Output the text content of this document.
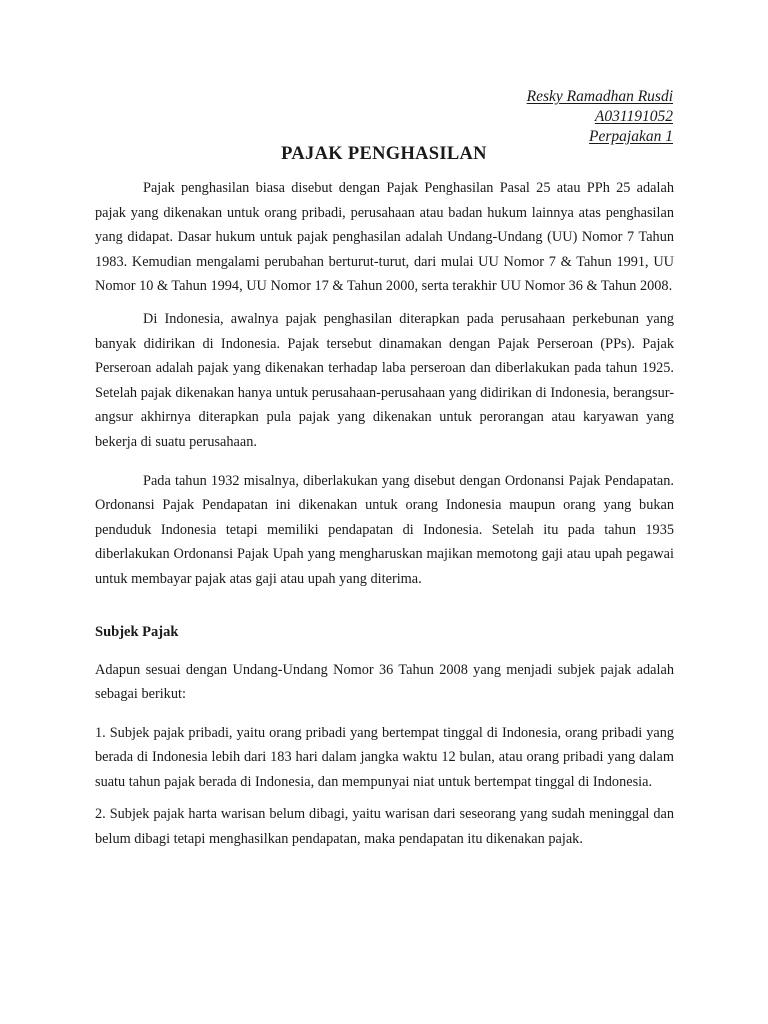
Resky Ramadhan Rusdi
A031191052
Perpajakan 1
PAJAK PENGHASILAN

Pajak penghasilan biasa disebut dengan Pajak Penghasilan Pasal 25 atau PPh 25 adalah pajak yang dikenakan untuk orang pribadi, perusahaan atau badan hukum lainnya atas penghasilan yang didapat. Dasar hukum untuk pajak penghasilan adalah Undang-Undang (UU) Nomor 7 Tahun 1983. Kemudian mengalami perubahan berturut-turut, dari mulai UU Nomor 7 & Tahun 1991, UU Nomor 10 & Tahun 1994, UU Nomor 17 & Tahun 2000, serta terakhir UU Nomor 36 & Tahun 2008.

Di Indonesia, awalnya pajak penghasilan diterapkan pada perusahaan perkebunan yang banyak didirikan di Indonesia. Pajak tersebut dinamakan dengan Pajak Perseroan (PPs). Pajak Perseroan adalah pajak yang dikenakan terhadap laba perseroan dan diberlakukan pada tahun 1925. Setelah pajak dikenakan hanya untuk perusahaan-perusahaan yang didirikan di Indonesia, berangsur-angsur akhirnya diterapkan pula pajak yang dikenakan untuk perorangan atau karyawan yang bekerja di suatu perusahaan.

Pada tahun 1932 misalnya, diberlakukan yang disebut dengan Ordonansi Pajak Pendapatan. Ordonansi Pajak Pendapatan ini dikenakan untuk orang Indonesia maupun orang yang bukan penduduk Indonesia tetapi memiliki pendapatan di Indonesia. Setelah itu pada tahun 1935 diberlakukan Ordonansi Pajak Upah yang mengharuskan majikan memotong gaji atau upah pegawai untuk membayar pajak atas gaji atau upah yang diterima.

Subjek Pajak

Adapun sesuai dengan Undang-Undang Nomor 36 Tahun 2008 yang menjadi subjek pajak adalah sebagai berikut:

1. Subjek pajak pribadi, yaitu orang pribadi yang bertempat tinggal di Indonesia, orang pribadi yang berada di Indonesia lebih dari 183 hari dalam jangka waktu 12 bulan, atau orang pribadi yang dalam suatu tahun pajak berada di Indonesia, dan mempunyai niat untuk bertempat tinggal di Indonesia.

2. Subjek pajak harta warisan belum dibagi, yaitu warisan dari seseorang yang sudah meninggal dan belum dibagi tetapi menghasilkan pendapatan, maka pendapatan itu dikenakan pajak.
